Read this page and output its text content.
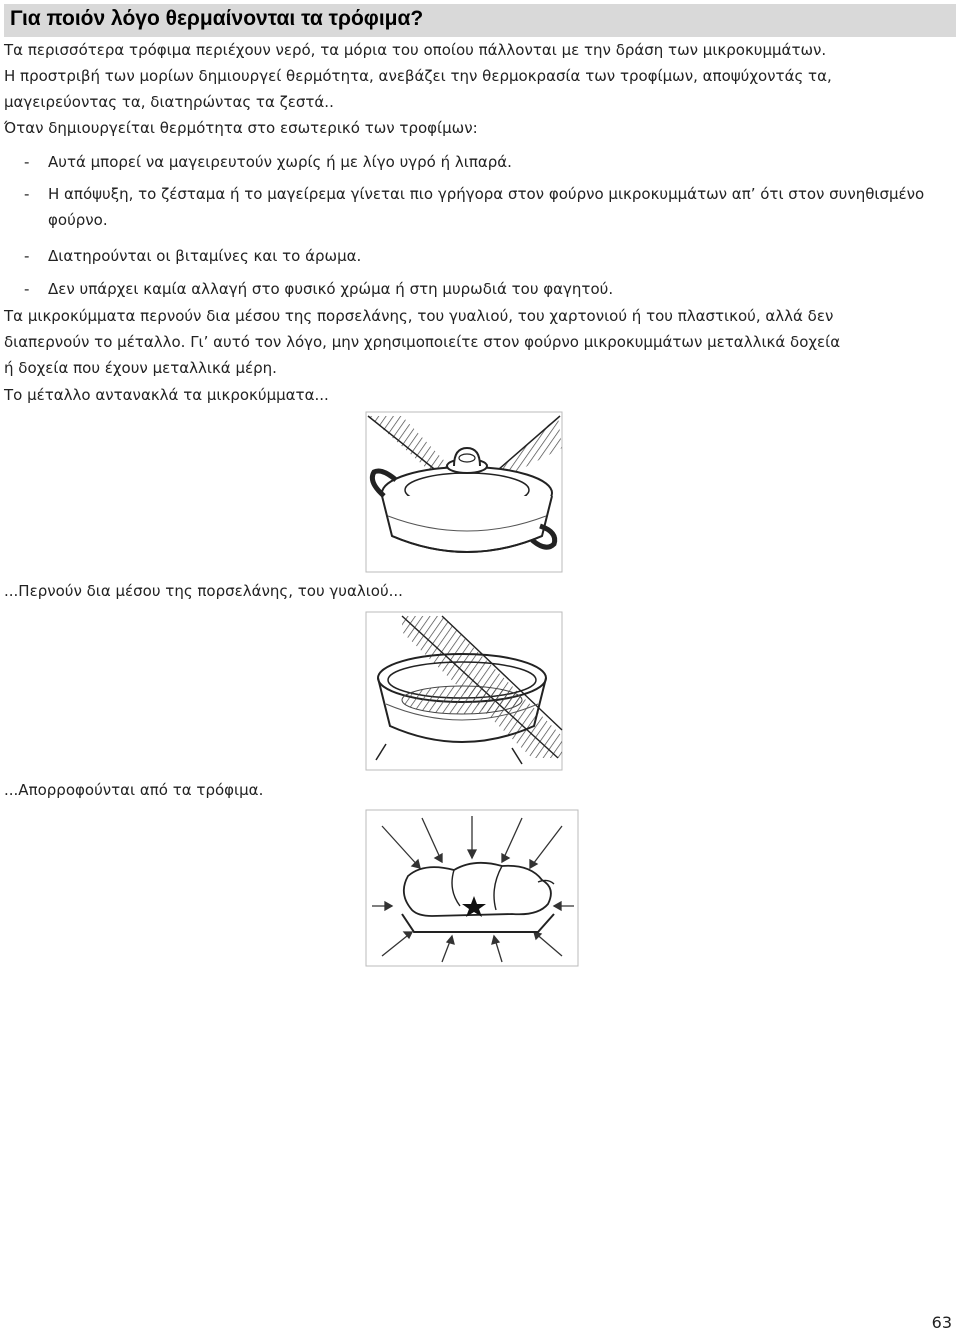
Για ποιόν λόγο θερμαίνονται τα τρόφιμα?
Τα περισσότερα τρόφιμα περιέχουν νερό, τα μόρια του οποίου πάλλονται με την δράση των μικροκυμμάτων.
Η προστριβή των μορίων δημιουργεί θερμότητα, ανεβάζει την θερμοκρασία των τροφίμων, αποψύχοντάς τα,
μαγειρεύοντας τα, διατηρώντας τα ζεστά..
Όταν δημιουργείται θερμότητα στο εσωτερικό των τροφίμων:
-	Αυτά μπορεί να μαγειρευτούν χωρίς ή με λίγο υγρό ή λιπαρά.
-	Η απόψυξη, το ζέσταμα ή το μαγείρεμα γίνεται πιο γρήγορα στον φούρνο μικροκυμμάτων απ’ ότι στον συνηθισμένο φούρνο.
-	Διατηρούνται οι βιταμίνες και το άρωμα.
-	Δεν υπάρχει καμία αλλαγή στο φυσικό χρώμα ή στη μυρωδιά του φαγητού.
Τα μικροκύμματα περνούν δια μέσου της πορσελάνης, του γυαλιού, του χαρτονιού ή του πλαστικού, αλλά δεν
διαπερνούν το μέταλλο. Γι’ αυτό τον λόγο, μην χρησιμοποιείτε στον φούρνο μικροκυμμάτων μεταλλικά δοχεία
ή δοχεία που έχουν μεταλλικά μέρη.
Το μέταλλο αντανακλά τα μικροκύμματα...
...Περνούν δια μέσου της πορσελάνης, του γυαλιού...
...Απορροφούνται από τα τρόφιμα.
63
